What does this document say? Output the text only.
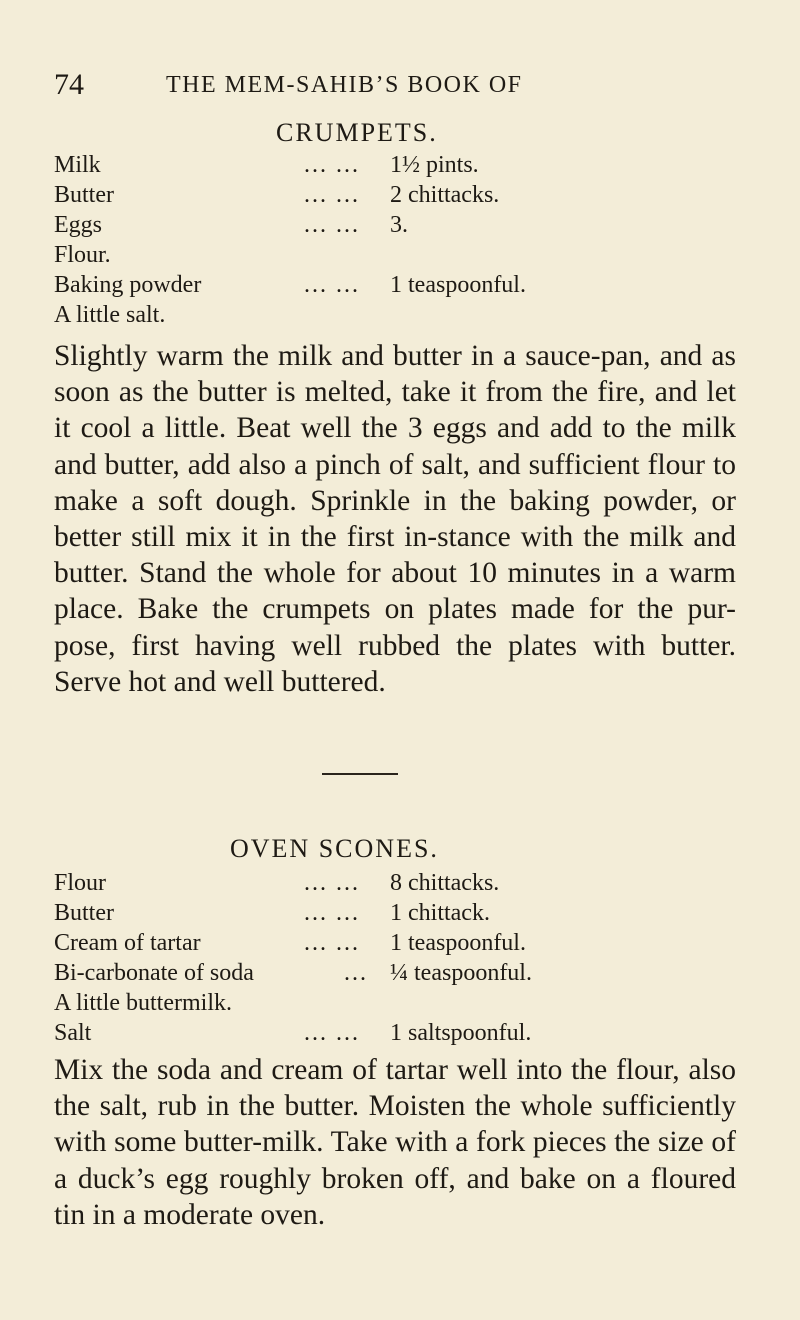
74	THE MEM-SAHIB’S BOOK OF
CRUMPETS.
Milk	... ... 1½ pints.
Butter	... ... 2 chittacks.
Eggs	... ... 3.
Flour.
Baking powder	... ... 1 teaspoonful.
A little salt.

Slightly warm the milk and butter in a sauce-pan, and as soon as the butter is melted, take it from the fire, and let it cool a little. Beat well the 3 eggs and add to the milk and butter, add also a pinch of salt, and sufficient flour to make a soft dough. Sprinkle in the baking powder, or better still mix it in the first in-stance with the milk and butter. Stand the whole for about 10 minutes in a warm place. Bake the crumpets on plates made for the pur-pose, first having well rubbed the plates with butter. Serve hot and well buttered.

OVEN SCONES.
Flour	... ... 8 chittacks.
Butter	... ... 1 chittack.
Cream of tartar	... ... 1 teaspoonful.
Bi-carbonate of soda	... ¼ teaspoonful.
A little buttermilk.
Salt	... ... 1 saltspoonful.

Mix the soda and cream of tartar well into the flour, also the salt, rub in the butter. Moisten the whole sufficiently with some butter-milk. Take with a fork pieces the size of a duck’s egg roughly broken off, and bake on a floured tin in a moderate oven.
